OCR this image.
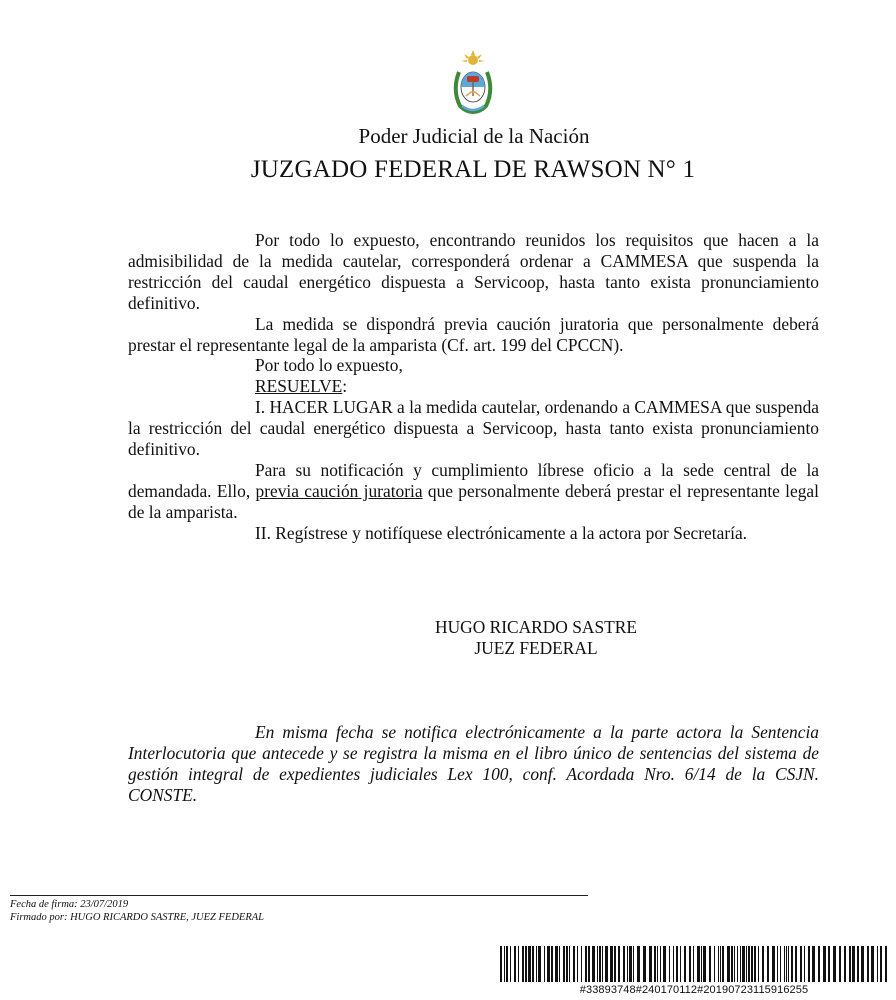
Poder Judicial de la Nación
JUZGADO FEDERAL DE RAWSON N° 1

Por todo lo expuesto, encontrando reunidos los requisitos que hacen a la admisibilidad de la medida cautelar, corresponderá ordenar a CAMMESA que suspenda la restricción del caudal energético dispuesta a Servicoop, hasta tanto exista pronunciamiento definitivo.

La medida se dispondrá previa caución juratoria que personalmente deberá prestar el representante legal de la amparista (Cf. art. 199 del CPCCN).

Por todo lo expuesto,

RESUELVE:

I. HACER LUGAR a la medida cautelar, ordenando a CAMMESA que suspenda la restricción del caudal energético dispuesta a Servicoop, hasta tanto exista pronunciamiento definitivo.

Para su notificación y cumplimiento líbrese oficio a la sede central de la demandada. Ello, previa caución juratoria que personalmente deberá prestar el representante legal de la amparista.

II. Regístrese y notifíquese electrónicamente a la actora por Secretaría.

HUGO RICARDO SASTRE
JUEZ FEDERAL

En misma fecha se notifica electrónicamente a la parte actora la Sentencia Interlocutoria que antecede y se registra la misma en el libro único de sentencias del sistema de gestión integral de expedientes judiciales Lex 100, conf. Acordada Nro. 6/14 de la CSJN. CONSTE.

Fecha de firma: 23/07/2019
Firmado por: HUGO RICARDO SASTRE, JUEZ FEDERAL
#33893748#240170112#20190723115916255
